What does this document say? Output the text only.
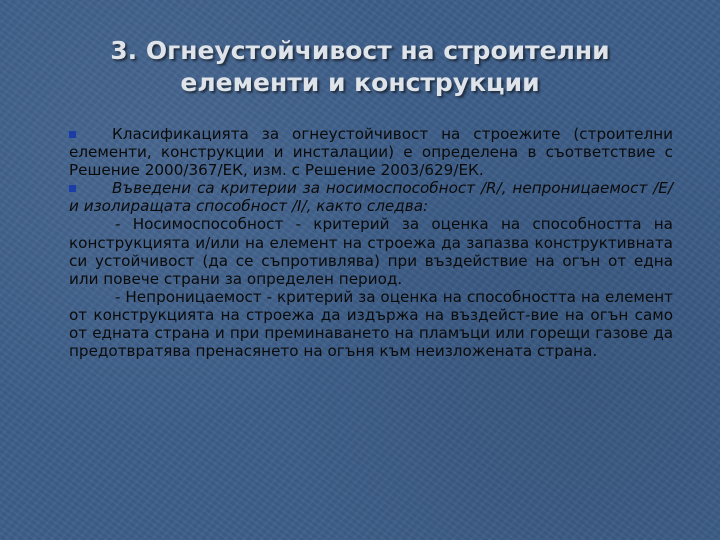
3. Огнеустойчивост на строителни
елементи и конструкции

Класификацията за огнеустойчивост на строежите (строителни елементи, конструкции и инсталации) е определена в съответствие с Решение 2000/367/ЕК, изм. с Решение 2003/629/ЕК.

Въведени са критерии за носимоспособност /R/, непроницаемост /Е/ и изолиращата способност /I/, както следва:

- Носимоспособност - критерий за оценка на способността на конструкцията и/или на елемент на строежа да запазва конструктивната си устойчивост (да се съпротивлява) при въздействие на огън от една или повече страни за определен период.

- Непроницаемост - критерий за оценка на способността на елемент от конструкцията на строежа да издържа на въздейст-вие на огън само от едната страна и при преминаването на пламъци или горещи газове да предотвратява пренасянето на огъня към неизложената страна.
